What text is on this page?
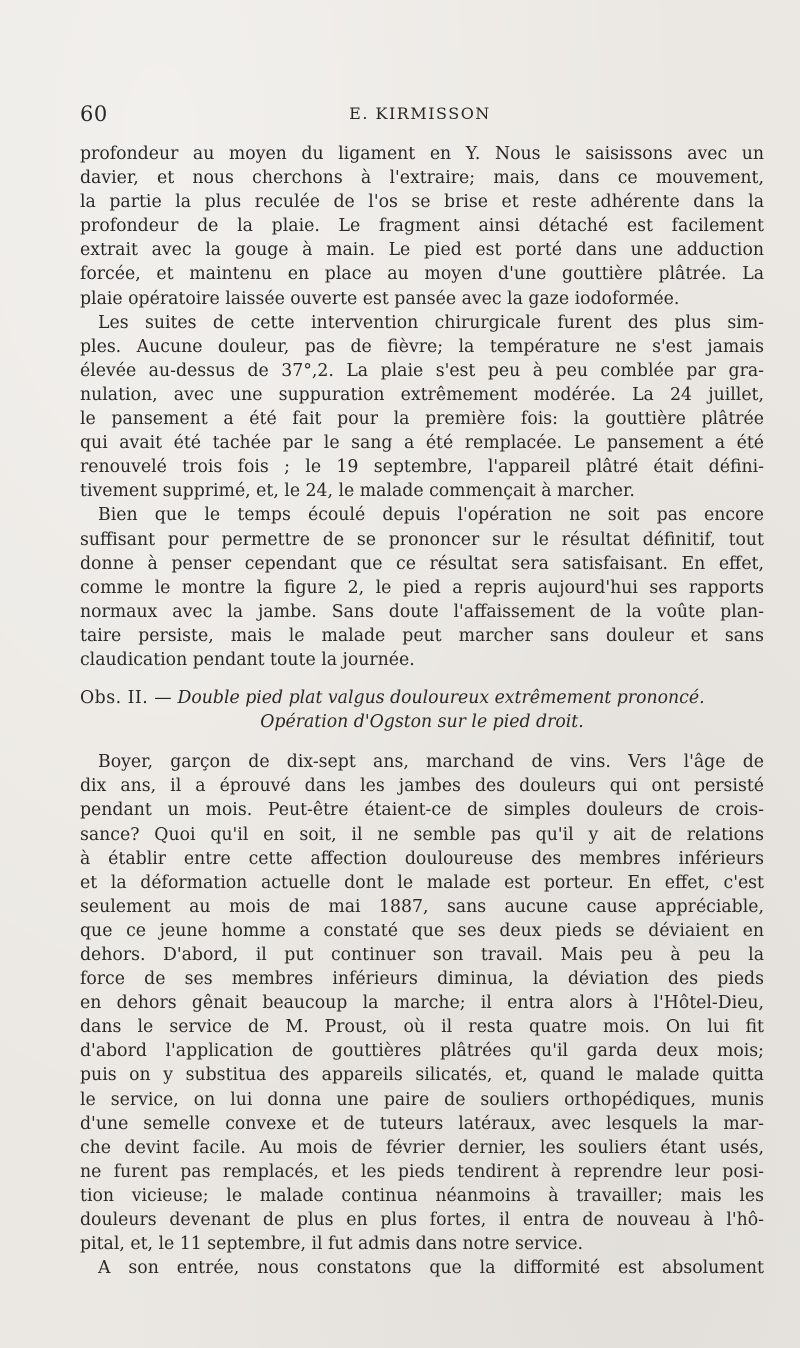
60	E. KIRMISSON
profondeur au moyen du ligament en Y. Nous le saisissons avec un
davier, et nous cherchons à l'extraire; mais, dans ce mouvement,
la partie la plus reculée de l'os se brise et reste adhérente dans la
profondeur de la plaie. Le fragment ainsi détaché est facilement
extrait avec la gouge à main. Le pied est porté dans une adduction
forcée, et maintenu en place au moyen d'une gouttière plâtrée. La
plaie opératoire laissée ouverte est pansée avec la gaze iodoformée.
Les suites de cette intervention chirurgicale furent des plus sim-
ples. Aucune douleur, pas de fièvre; la température ne s'est jamais
élevée au-dessus de 37°,2. La plaie s'est peu à peu comblée par gra-
nulation, avec une suppuration extrêmement modérée. La 24 juillet,
le pansement a été fait pour la première fois: la gouttière plâtrée
qui avait été tachée par le sang a été remplacée. Le pansement a été
renouvelé trois fois ; le 19 septembre, l'appareil plâtré était défini-
tivement supprimé, et, le 24, le malade commençait à marcher.
Bien que le temps écoulé depuis l'opération ne soit pas encore
suffisant pour permettre de se prononcer sur le résultat définitif, tout
donne à penser cependant que ce résultat sera satisfaisant. En effet,
comme le montre la figure 2, le pied a repris aujourd'hui ses rapports
normaux avec la jambe. Sans doute l'affaissement de la voûte plan-
taire persiste, mais le malade peut marcher sans douleur et sans
claudication pendant toute la journée.
Obs. II. — Double pied plat valgus douloureux extrêmement prononcé.
Opération d'Ogston sur le pied droit.
Boyer, garçon de dix-sept ans, marchand de vins. Vers l'âge de
dix ans, il a éprouvé dans les jambes des douleurs qui ont persisté
pendant un mois. Peut-être étaient-ce de simples douleurs de crois-
sance? Quoi qu'il en soit, il ne semble pas qu'il y ait de relations
à établir entre cette affection douloureuse des membres inférieurs
et la déformation actuelle dont le malade est porteur. En effet, c'est
seulement au mois de mai 1887, sans aucune cause appréciable,
que ce jeune homme a constaté que ses deux pieds se déviaient en
dehors. D'abord, il put continuer son travail. Mais peu à peu la
force de ses membres inférieurs diminua, la déviation des pieds
en dehors gênait beaucoup la marche; il entra alors à l'Hôtel-Dieu,
dans le service de M. Proust, où il resta quatre mois. On lui fit
d'abord l'application de gouttières plâtrées qu'il garda deux mois;
puis on y substitua des appareils silicatés, et, quand le malade quitta
le service, on lui donna une paire de souliers orthopédiques, munis
d'une semelle convexe et de tuteurs latéraux, avec lesquels la mar-
che devint facile. Au mois de février dernier, les souliers étant usés,
ne furent pas remplacés, et les pieds tendirent à reprendre leur posi-
tion vicieuse; le malade continua néanmoins à travailler; mais les
douleurs devenant de plus en plus fortes, il entra de nouveau à l'hô-
pital, et, le 11 septembre, il fut admis dans notre service.
A son entrée, nous constatons que la difformité est absolument
